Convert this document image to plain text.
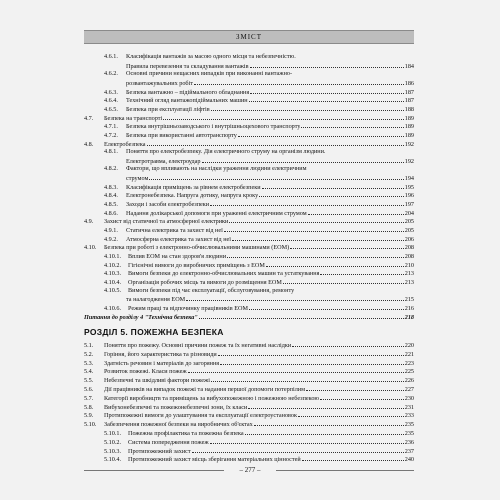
ЗМІСТ
4.6.1.	Класифікація вантажів за масою одного місця та небезпечністю.
Правила перевезення та складування вантажів	184
4.6.2.	Основні причини нещасних випадків при виконанні вантажно-
розвантажувальних робіт	186
4.6.3.	Безпека вантажно – підіймального обладнання	187
4.6.4.	Технічний огляд вантажопідіймальних машин	187
4.6.5.	Безпека при експлуатації ліфтів	188
4.7.	Безпека на транспорті	189
4.7.1.	Безпека внутрішньозаводського і внутрішньоцехового транспорту	189
4.7.2.	Безпека при використанні автотранспорту	189
4.8.	Електробезпека	192
4.8.1.	Поняття про електробезпеку. Дія електричного струму на організм людини.
Електротравма, електроудар	192
4.8.2.	Фактори, що впливають на наслідки ураження людини електричним
струмом	194
4.8.3.	Класифікація приміщень за рівнем електробезпеки	195
4.8.4.	Електронебезпека. Напруга дотику, напруга кроку	196
4.8.5.	Заходи і засоби електробезпеки	197
4.8.6.	Надання долікарської допомоги при ураженні електричним струмом	204
4.9.	Захист від статичної та атмосферної електрики	205
4.9.1.	Статична електрика та захист від неї	205
4.9.2.	Атмосферна електрика та захист від неї	206
4.10.	Безпека при роботі з електронно-обчислювальними машинами (ЕОМ)	208
4.10.1.	Вплив ЕОМ на стан здоров'я людини	208
4.10.2.	Гігієнічні вимоги до виробничих приміщень з ЕОМ	210
4.10.3.	Вимоги безпеки до електронно-обчислювальних машин та устаткування	213
4.10.4.	Організація робочих місць та вимоги до розміщення ЕОМ	213
4.10.5.	Вимоги безпеки під час експлуатації, обслуговування, ремонту
та налагодження ЕОМ	215
4.10.6.	Режим праці та відпочинку працівників ЕОМ	216
Питання до розділу 4 "Технічна безпека"	218
РОЗДІЛ 5. ПОЖЕЖНА БЕЗПЕКА
5.1.	Поняття про пожежу. Основні причини пожеж та їх негативні наслідки	220
5.2.	Горіння, його характеристика та різновиди	221
5.3.	Здатність речовин і матеріалів до загоряння	223
5.4.	Розвиток пожежі. Класи пожеж	225
5.5.	Небезпечні та шкідливі фактори пожежі	226
5.6.	Дії працівників на випадок пожежі та надання першої допомоги потерпілим	227
5.7.	Категорії виробництв та приміщень за вибухопожежною і пожежною небезпекою	230
5.8.	Вибухонебезпечні та пожежонебезпечні зони, їх класи	231
5.9.	Протипожежні вимоги до улаштування та експлуатації електроустановок	233
5.10.	Забезпечення пожежної безпеки на виробничих об'єктах	235
5.10.1.	Пожежна профілактика та пожежна безпека	235
5.10.2.	Система попередження пожеж	236
5.10.3.	Протипожежний захист	237
5.10.4.	Протипожежний захист місць зберігання матеріальних цінностей	240
– 277 –
